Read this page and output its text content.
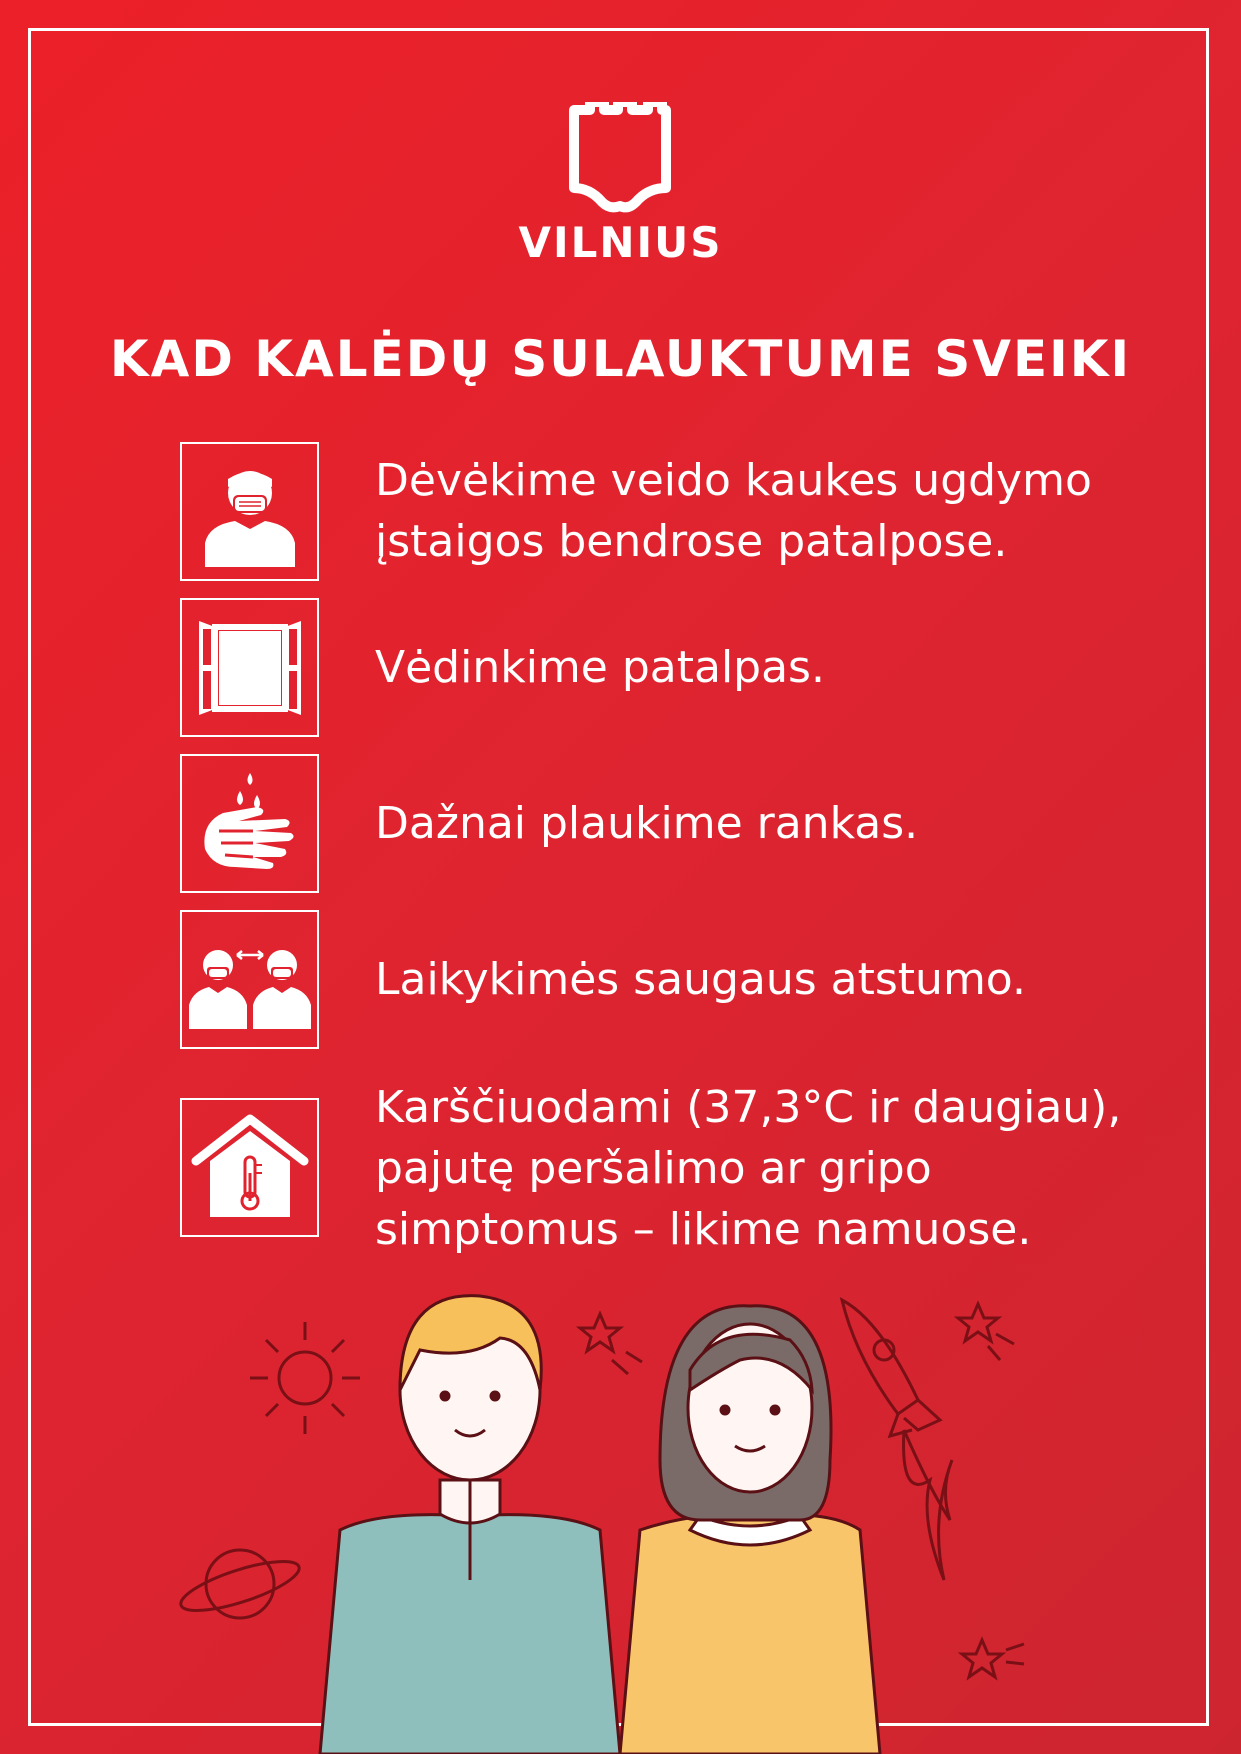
VILNIUS
KAD KALĖDŲ SULAUKTUME SVEIKI
Dėvėkime veido kaukes ugdymo
įstaigos bendrose patalpose.
Vėdinkime patalpas.
Dažnai plaukime rankas.
Laikykimės saugaus atstumo.
Karščiuodami (37,3°C ir daugiau),
pajutę peršalimo ar gripo
simptomus – likime namuose.
